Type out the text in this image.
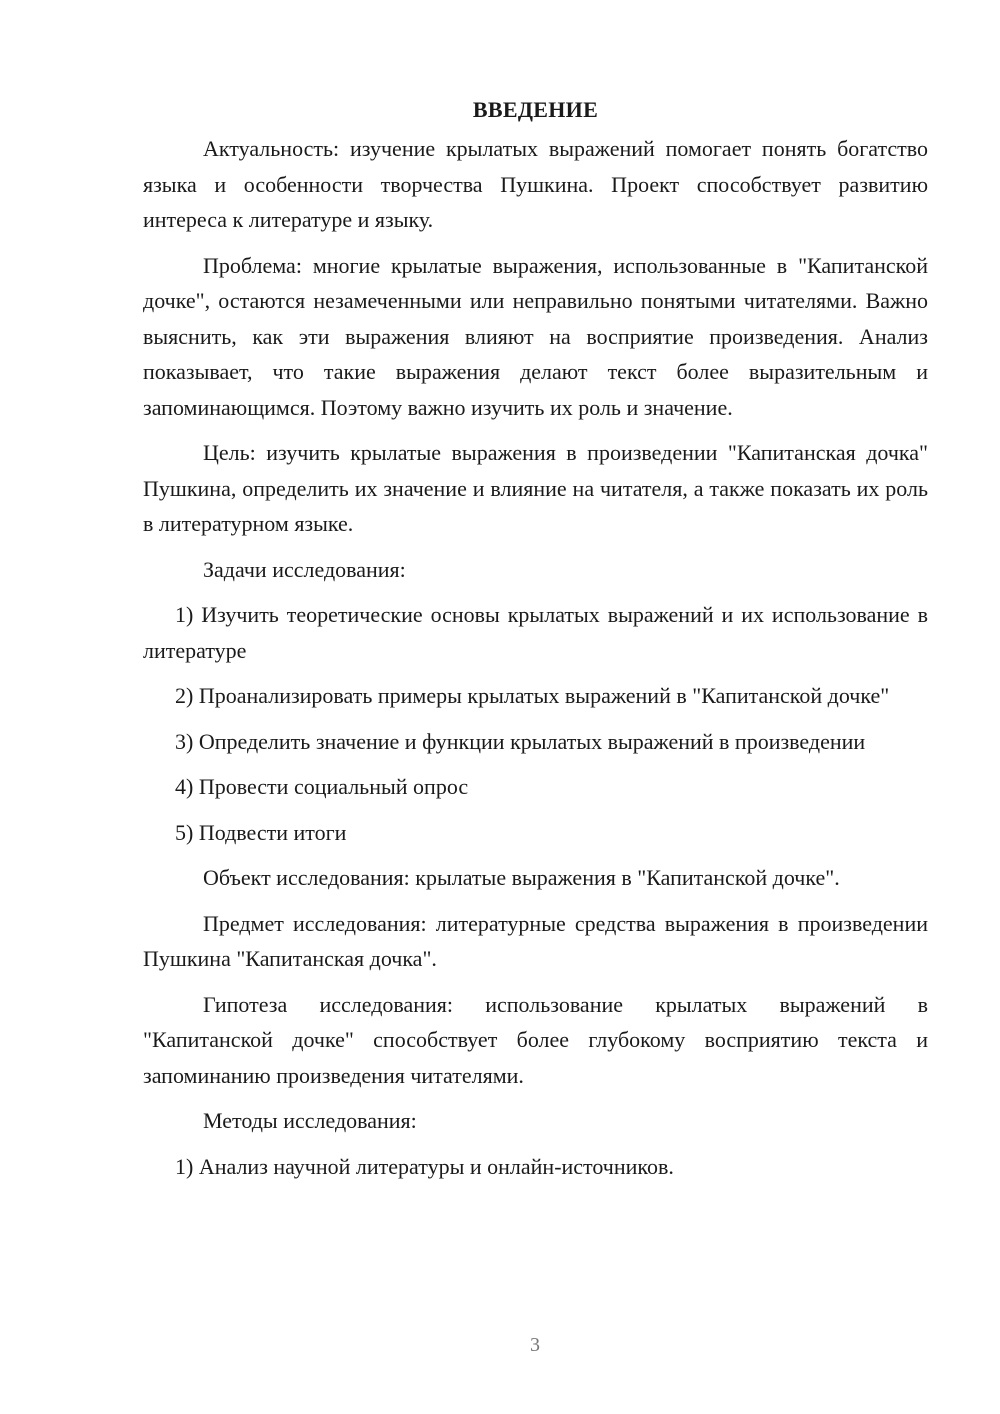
ВВЕДЕНИЕ

Актуальность: изучение крылатых выражений помогает понять богатство языка и особенности творчества Пушкина. Проект способствует развитию интереса к литературе и языку.

Проблема: многие крылатые выражения, использованные в "Капитанской дочке", остаются незамеченными или неправильно понятыми читателями. Важно выяснить, как эти выражения влияют на восприятие произведения. Анализ показывает, что такие выражения делают текст более выразительным и запоминающимся. Поэтому важно изучить их роль и значение.

Цель: изучить крылатые выражения в произведении "Капитанская дочка" Пушкина, определить их значение и влияние на читателя, а также показать их роль в литературном языке.

Задачи исследования:

1) Изучить теоретические основы крылатых выражений и их использование в литературе

2) Проанализировать примеры крылатых выражений в "Капитанской дочке"

3) Определить значение и функции крылатых выражений в произведении

4) Провести социальный опрос

5) Подвести итоги

Объект исследования: крылатые выражения в "Капитанской дочке".

Предмет исследования: литературные средства выражения в произведении Пушкина "Капитанская дочка".

Гипотеза исследования: использование крылатых выражений в "Капитанской дочке" способствует более глубокому восприятию текста и запоминанию произведения читателями.

Методы исследования:

1) Анализ научной литературы и онлайн-источников.

3
